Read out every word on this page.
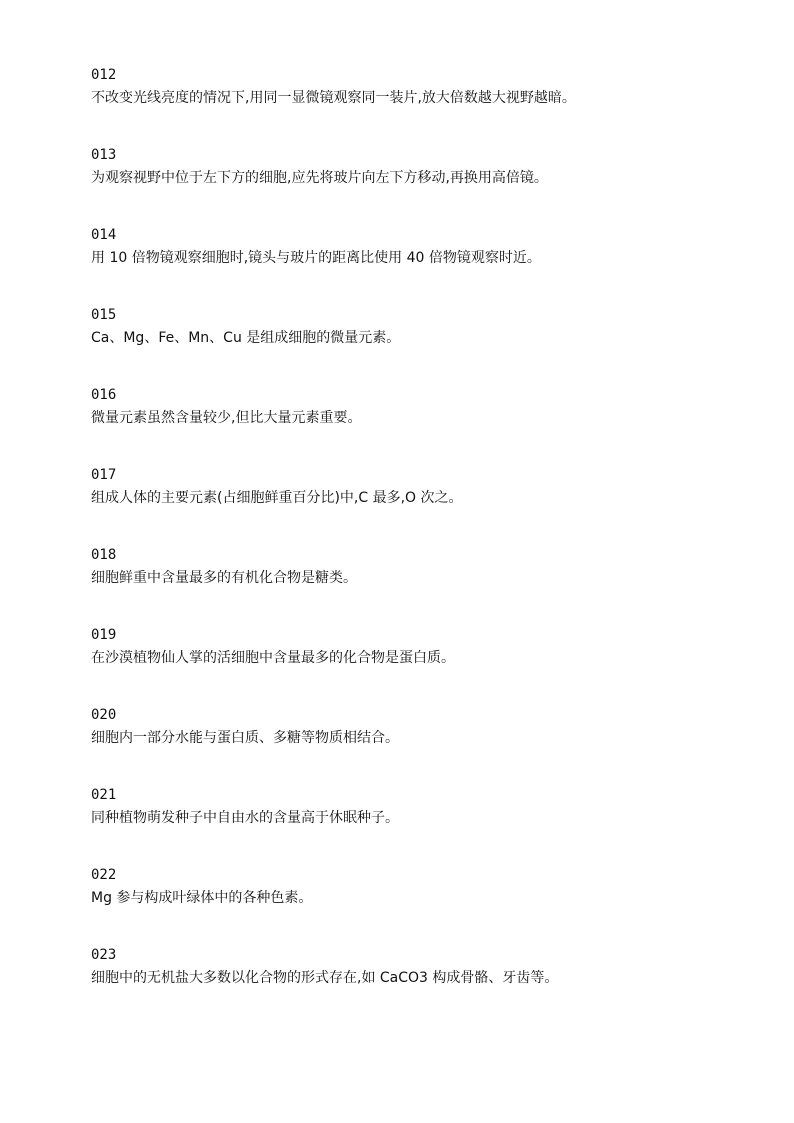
012
不改变光线亮度的情况下,用同一显微镜观察同一装片,放大倍数越大视野越暗。
013
为观察视野中位于左下方的细胞,应先将玻片向左下方移动,再换用高倍镜。
014
用 10 倍物镜观察细胞时,镜头与玻片的距离比使用 40 倍物镜观察时近。
015
Ca、Mg、Fe、Mn、Cu 是组成细胞的微量元素。
016
微量元素虽然含量较少,但比大量元素重要。
017
组成人体的主要元素(占细胞鲜重百分比)中,C 最多,O 次之。
018
细胞鲜重中含量最多的有机化合物是糖类。
019
在沙漠植物仙人掌的活细胞中含量最多的化合物是蛋白质。
020
细胞内一部分水能与蛋白质、多糖等物质相结合。
021
同种植物萌发种子中自由水的含量高于休眠种子。
022
Mg 参与构成叶绿体中的各种色素。
023
细胞中的无机盐大多数以化合物的形式存在,如 CaCO3 构成骨骼、牙齿等。
